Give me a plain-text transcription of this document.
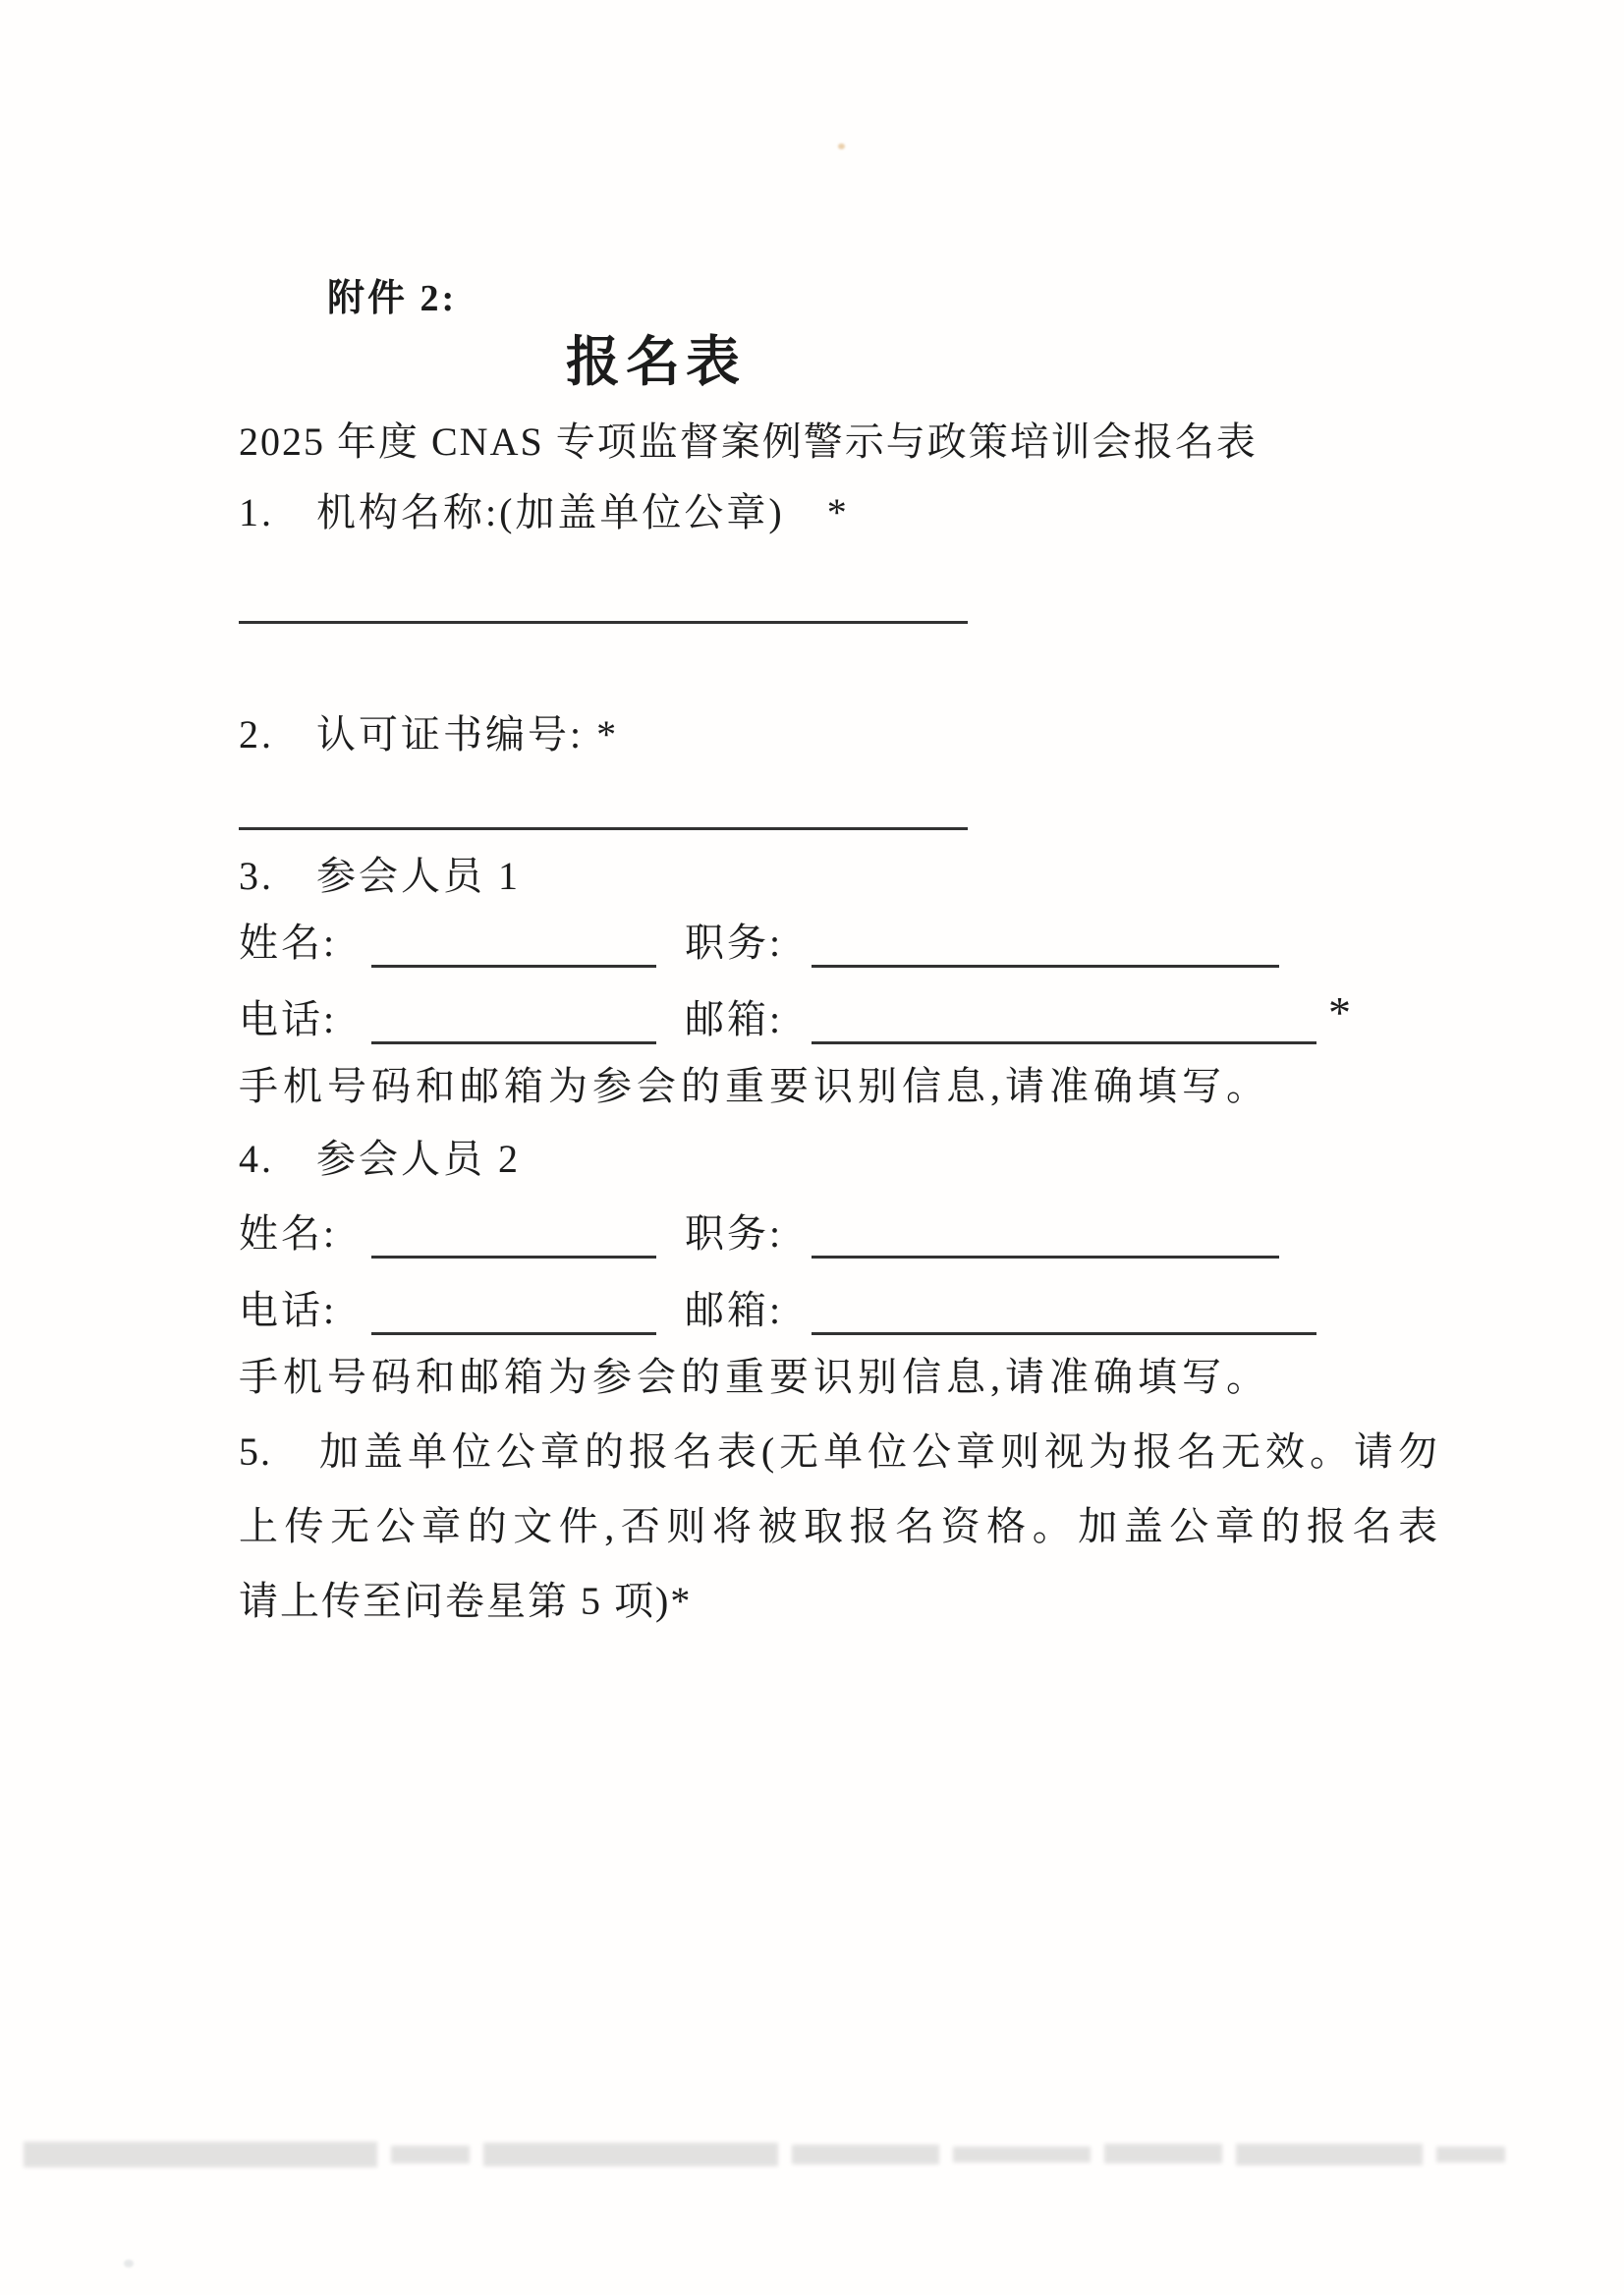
附件 2:
报名表
2025 年度 CNAS 专项监督案例警示与政策培训会报名表
1.　机构名称:(加盖单位公章)　*
2.　认可证书编号: *
3.　参会人员 1
姓名:	职务:
电话:	邮箱:	*
手机号码和邮箱为参会的重要识别信息,请准确填写。
4.　参会人员 2
姓名:	职务:
电话:	邮箱:
手机号码和邮箱为参会的重要识别信息,请准确填写。
5.　加盖单位公章的报名表(无单位公章则视为报名无效。请勿
上传无公章的文件,否则将被取报名资格。加盖公章的报名表
请上传至问卷星第 5 项)*
